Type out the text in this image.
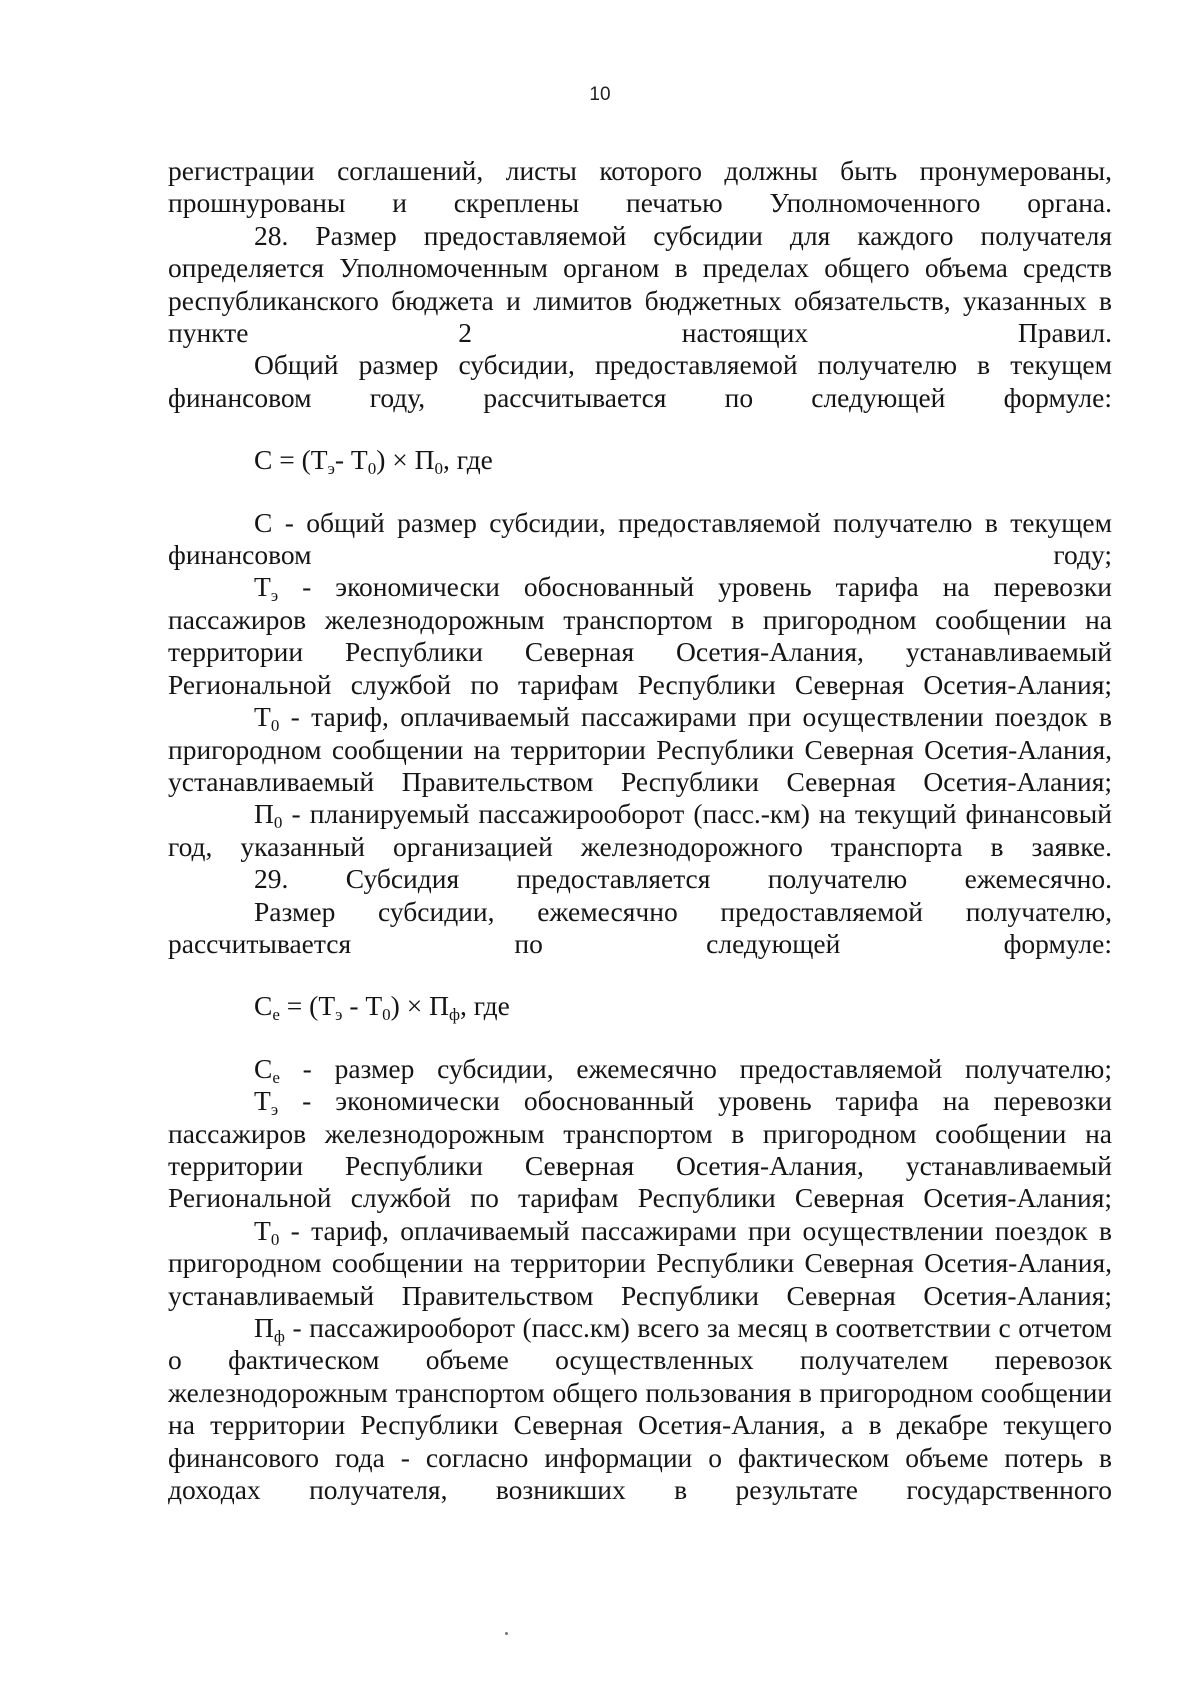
10
регистрации соглашений, листы которого должны быть пронумерованы, прошнурованы и скреплены печатью Уполномоченного органа.
28. Размер предоставляемой субсидии для каждого получателя определяется Уполномоченным органом в пределах общего объема средств республиканского бюджета и лимитов бюджетных обязательств, указанных в пункте 2 настоящих Правил.
Общий размер субсидии, предоставляемой получателю в текущем финансовом году, рассчитывается по следующей формуле:
$С = (Т_э-$ $Т_0) \times П_0$, где
С - общий размер субсидии, предоставляемой получателю в текущем финансовом году;
$Т_э$ - экономически обоснованный уровень тарифа на перевозки пассажиров железнодорожным транспортом в пригородном сообщении на территории Республики Северная Осетия-Алания, устанавливаемый Региональной службой по тарифам Республики Северная Осетия-Алания;
$Т_0$ - тариф, оплачиваемый пассажирами при осуществлении поездок в пригородном сообщении на территории Республики Северная Осетия-Алания, устанавливаемый Правительством Республики Северная Осетия-Алания;
$П_0$ - планируемый пассажирооборот (пасс.-км) на текущий финансовый год, указанный организацией железнодорожного транспорта в заявке.
29. Субсидия предоставляется получателю ежемесячно.
Размер субсидии, ежемесячно предоставляемой получателю, рассчитывается по следующей формуле:
$С_е = (Т_э - Т_0) \times П_ф$, где
$С_е$ - размер субсидии, ежемесячно предоставляемой получателю;
$Т_э$ - экономически обоснованный уровень тарифа на перевозки пассажиров железнодорожным транспортом в пригородном сообщении на территории Республики Северная Осетия-Алания, устанавливаемый Региональной службой по тарифам Республики Северная Осетия-Алания;
$Т_0$ - тариф, оплачиваемый пассажирами при осуществлении поездок в пригородном сообщении на территории Республики Северная Осетия-Алания, устанавливаемый Правительством Республики Северная Осетия-Алания;
$П_ф$ - пассажирооборот (пасс.км) всего за месяц в соответствии с отчетом о фактическом объеме осуществленных получателем перевозок железнодорожным транспортом общего пользования в пригородном сообщении на территории Республики Северная Осетия-Алания, а в декабре текущего финансового года - согласно информации о фактическом объеме потерь в доходах получателя, возникших в результате государственного
